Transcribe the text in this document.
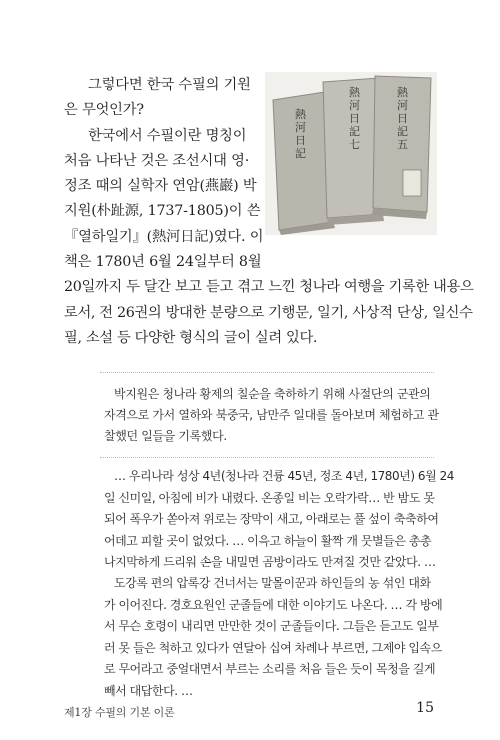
熱河日記
熱河日記七
熱河日記五

그렇다면 한국 수필의 기원

은 무엇인가?

한국에서 수필이란 명칭이

처음 나타난 것은 조선시대 영·

정조 때의 실학자 연암(燕巖) 박

지원(朴趾源, 1737-1805)이 쓴

『열하일기』(熱河日記)였다. 이

책은 1780년 6월 24일부터 8월

20일까지 두 달간 보고 듣고 겪고 느낀 청나라 여행을 기록한 내용으

로서, 전 26권의 방대한 분량으로 기행문, 일기, 사상적 단상, 일신수

필, 소설 등 다양한 형식의 글이 실려 있다.

박지원은 청나라 황제의 칠순을 축하하기 위해 사절단의 군관의

자격으로 가서 열하와 북중국, 남만주 일대를 돌아보며 체험하고 관

찰했던 일들을 기록했다.

… 우리나라 성상 4년(청나라 건륭 45년, 정조 4년, 1780년) 6월 24

일 신미일, 아침에 비가 내렸다. 온종일 비는 오락가락… 반 밤도 못

되어 폭우가 쏟아져 위로는 장막이 새고, 아래로는 풀 섶이 축축하여

어데고 피할 곳이 없었다. … 이윽고 하늘이 활짝 개 뭇별들은 총총

나지막하게 드리워 손을 내밀면 곰방이라도 만져질 것만 같았다. …

도강록 편의 압록강 건너서는 말몰이꾼과 하인들의 농 섞인 대화

가 이어진다. 경호요원인 군졸들에 대한 이야기도 나온다. … 각 방에

서 무슨 호령이 내리면 만만한 것이 군졸들이다. 그들은 듣고도 일부

러 못 들은 척하고 있다가 연달아 십여 차례나 부르면, 그제야 입속으

로 무어라고 중얼대면서 부르는 소리를 처음 들은 듯이 목청을 길게

빼서 대답한다. …

제1장 수필의 기본 이론	15
